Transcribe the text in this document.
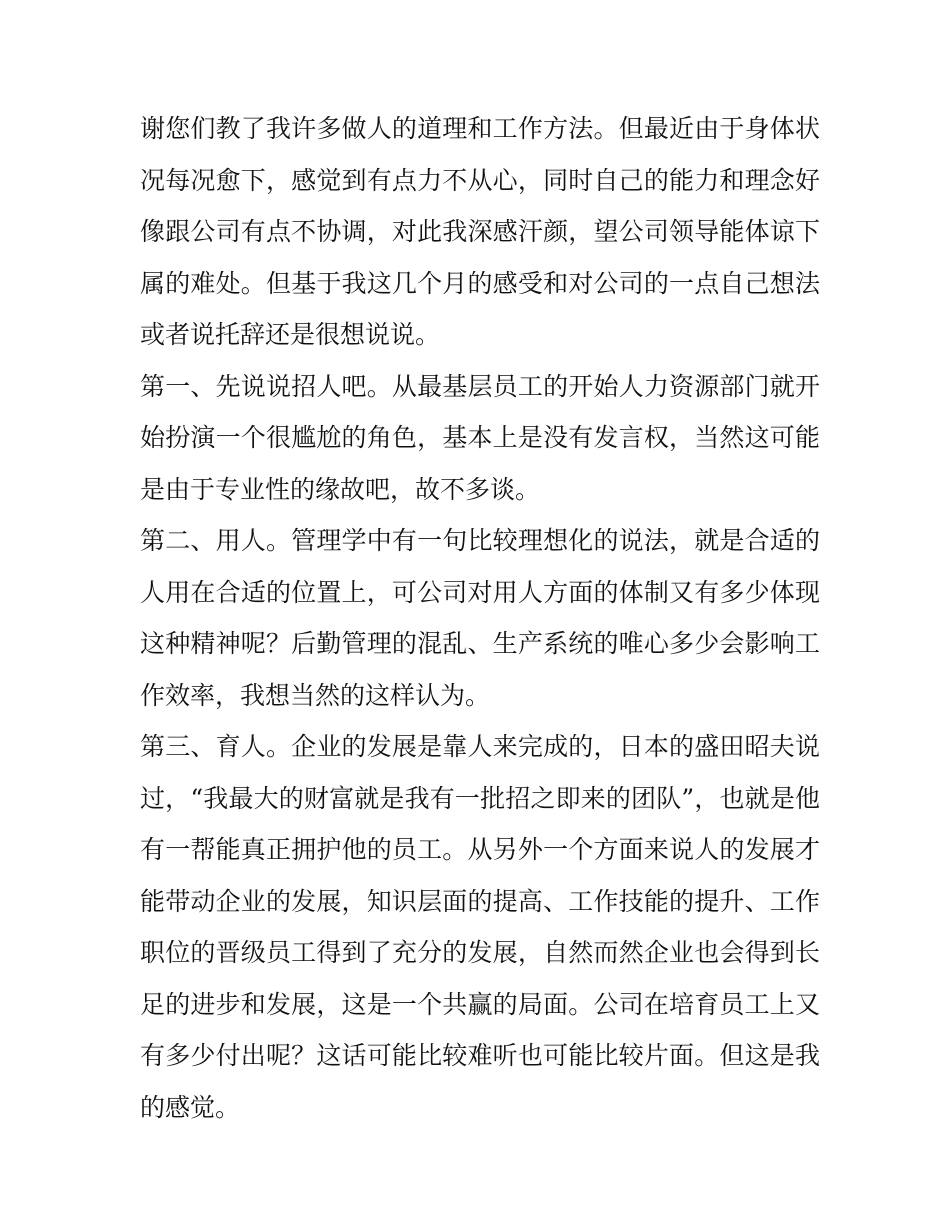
谢您们教了我许多做人的道理和工作方法。但最近由于身体状
况每况愈下，感觉到有点力不从心，同时自己的能力和理念好
像跟公司有点不协调，对此我深感汗颜，望公司领导能体谅下
属的难处。但基于我这几个月的感受和对公司的一点自己想法
或者说托辞还是很想说说。
第一、先说说招人吧。从最基层员工的开始人力资源部门就开
始扮演一个很尴尬的角色，基本上是没有发言权，当然这可能
是由于专业性的缘故吧，故不多谈。
第二、用人。管理学中有一句比较理想化的说法，就是合适的
人用在合适的位置上，可公司对用人方面的体制又有多少体现
这种精神呢？后勤管理的混乱、生产系统的唯心多少会影响工
作效率，我想当然的这样认为。
第三、育人。企业的发展是靠人来完成的，日本的盛田昭夫说
过，“我最大的财富就是我有一批招之即来的团队”，也就是他
有一帮能真正拥护他的员工。从另外一个方面来说人的发展才
能带动企业的发展，知识层面的提高、工作技能的提升、工作
职位的晋级员工得到了充分的发展，自然而然企业也会得到长
足的进步和发展，这是一个共赢的局面。公司在培育员工上又
有多少付出呢？这话可能比较难听也可能比较片面。但这是我
的感觉。
